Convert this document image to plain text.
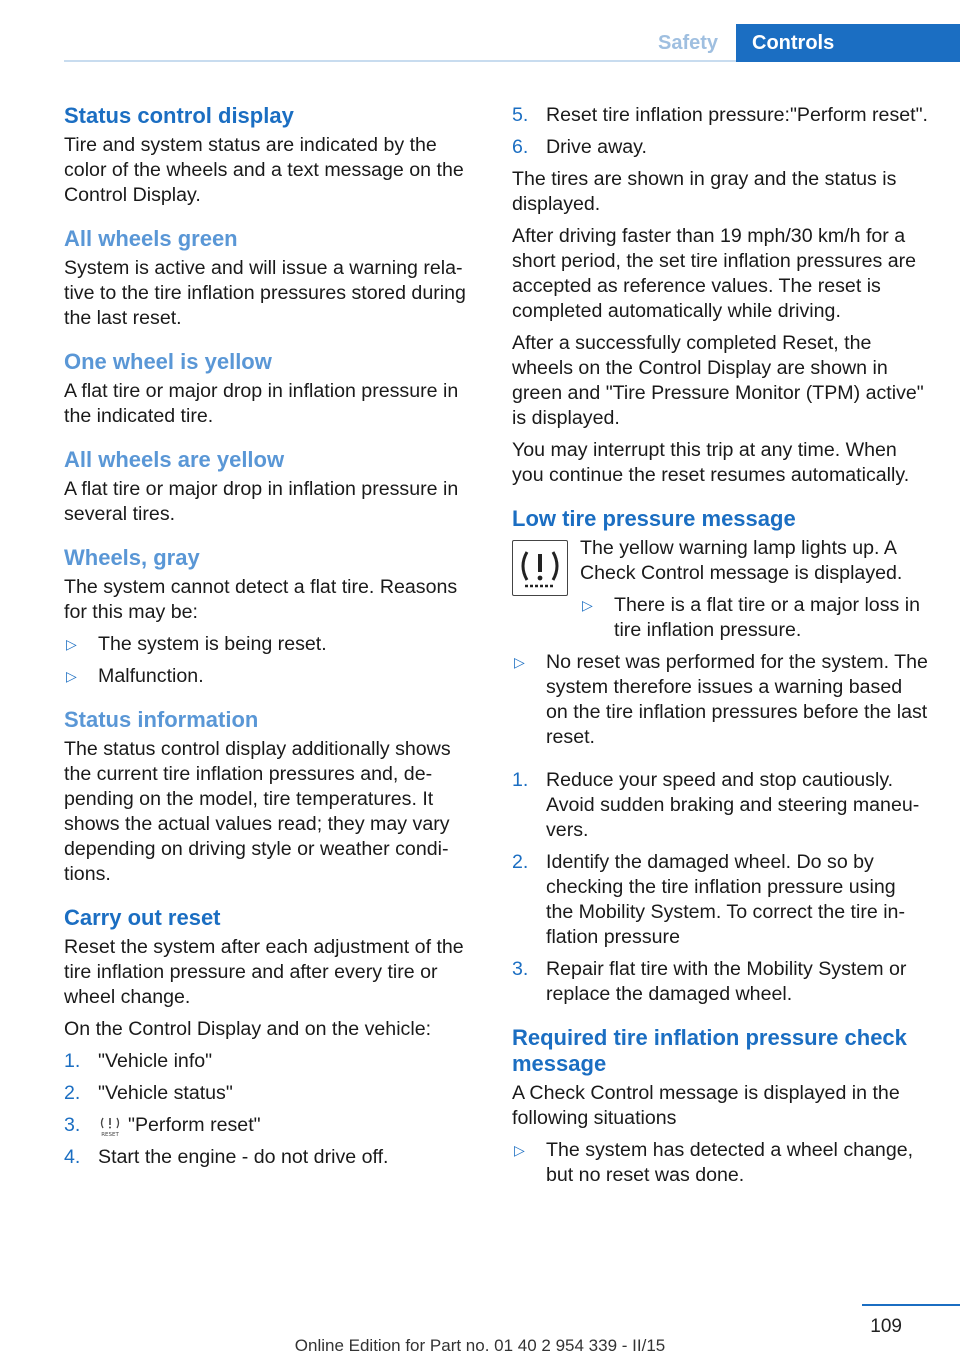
Safety	Controls
Status control display

Tire and system status are indicated by the color of the wheels and a text message on the Control Display.

All wheels green

System is active and will issue a warning relative to the tire inflation pressures stored during the last reset.

One wheel is yellow

A flat tire or major drop in inflation pressure in the indicated tire.

All wheels are yellow

A flat tire or major drop in inflation pressure in several tires.

Wheels, gray

The system cannot detect a flat tire. Reasons for this may be:

▷ The system is being reset.
▷ Malfunction.
Status information

The status control display additionally shows the current tire inflation pressures and, depending on the model, tire temperatures. It shows the actual values read; they may vary depending on driving style or weather conditions.

Carry out reset

Reset the system after each adjustment of the tire inflation pressure and after every tire or wheel change.

On the Control Display and on the vehicle:

1. "Vehicle info"
2. "Vehicle status"
3.	RESET "Perform reset"
4. Start the engine - do not drive off.
5. Reset tire inflation pressure:"Perform reset".
6. Drive away.

The tires are shown in gray and the status is displayed.

After driving faster than 19 mph/30 km/h for a short period, the set tire inflation pressures are accepted as reference values. The reset is completed automatically while driving.

After a successfully completed Reset, the wheels on the Control Display are shown in green and "Tire Pressure Monitor (TPM) active" is displayed.

You may interrupt this trip at any time. When you continue the reset resumes automatically.

Low tire pressure message

The yellow warning lamp lights up. A Check Control message is displayed.

▷ There is a flat tire or a major loss in tire inflation pressure.
▷ No reset was performed for the system. The system therefore issues a warning based on the tire inflation pressures before the last reset.
1. Reduce your speed and stop cautiously. Avoid sudden braking and steering maneuvers.
2. Identify the damaged wheel. Do so by checking the tire inflation pressure using the Mobility System. To correct the tire inflation pressure
3. Repair flat tire with the Mobility System or replace the damaged wheel.
Required tire inflation pressure check message

A Check Control message is displayed in the following situations

▷ The system has detected a wheel change, but no reset was done.
109
Online Edition for Part no. 01 40 2 954 339 - II/15
